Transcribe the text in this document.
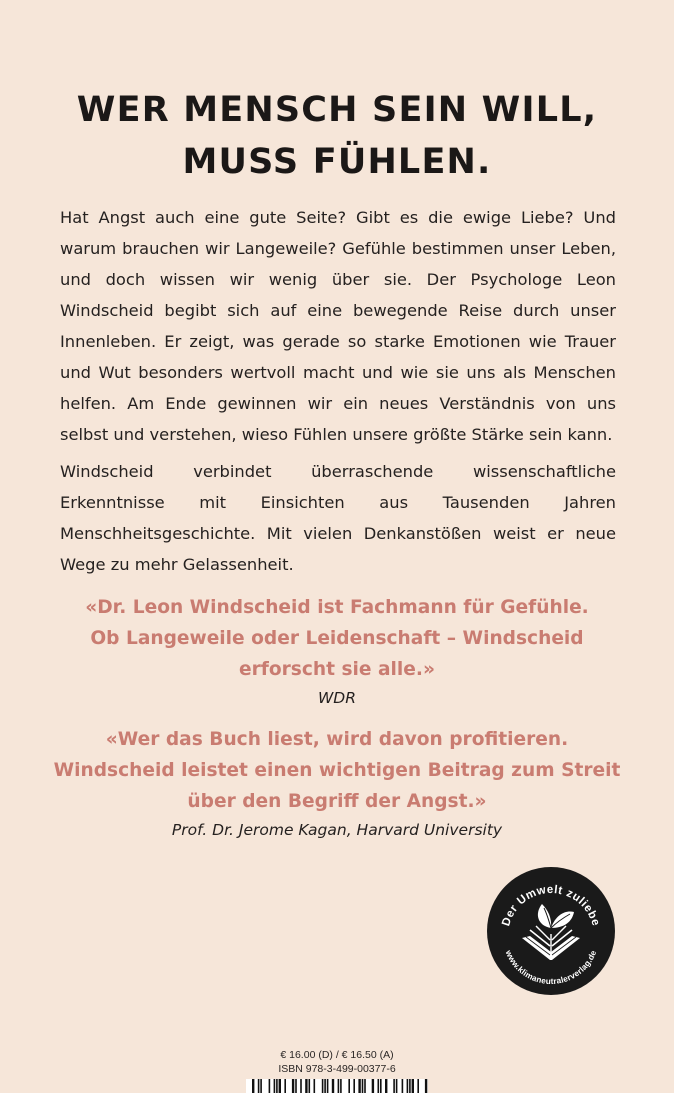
WER MENSCH SEIN WILL,
MUSS FÜHLEN.
Hat Angst auch eine gute Seite? Gibt es die ewige Liebe? Und warum brauchen wir Langeweile? Gefühle bestimmen unser Leben, und doch wissen wir wenig über sie. Der Psychologe Leon Windscheid begibt sich auf eine bewegende Reise durch unser Innenleben. Er zeigt, was gerade so starke Emotionen wie Trauer und Wut besonders wertvoll macht und wie sie uns als Menschen helfen. Am Ende gewinnen wir ein neues Verständnis von uns selbst und verstehen, wieso Fühlen unsere größte Stärke sein kann.
Windscheid verbindet überraschende wissenschaftliche Erkenntnisse mit Einsichten aus Tausenden Jahren Menschheitsgeschichte. Mit vielen Denkanstößen weist er neue Wege zu mehr Gelassenheit.
«Dr. Leon Windscheid ist Fachmann für Gefühle.
Ob Langeweile oder Leidenschaft – Windscheid
erforscht sie alle.»
WDR
«Wer das Buch liest, wird davon profitieren.
Windscheid leistet einen wichtigen Beitrag zum Streit
über den Begriff der Angst.»
Prof. Dr. Jerome Kagan, Harvard University
Der Umwelt zuliebe
www.klimaneutralerverlag.de
€ 16.00 (D) / € 16.50 (A)
ISBN 978-3-499-00377-6
